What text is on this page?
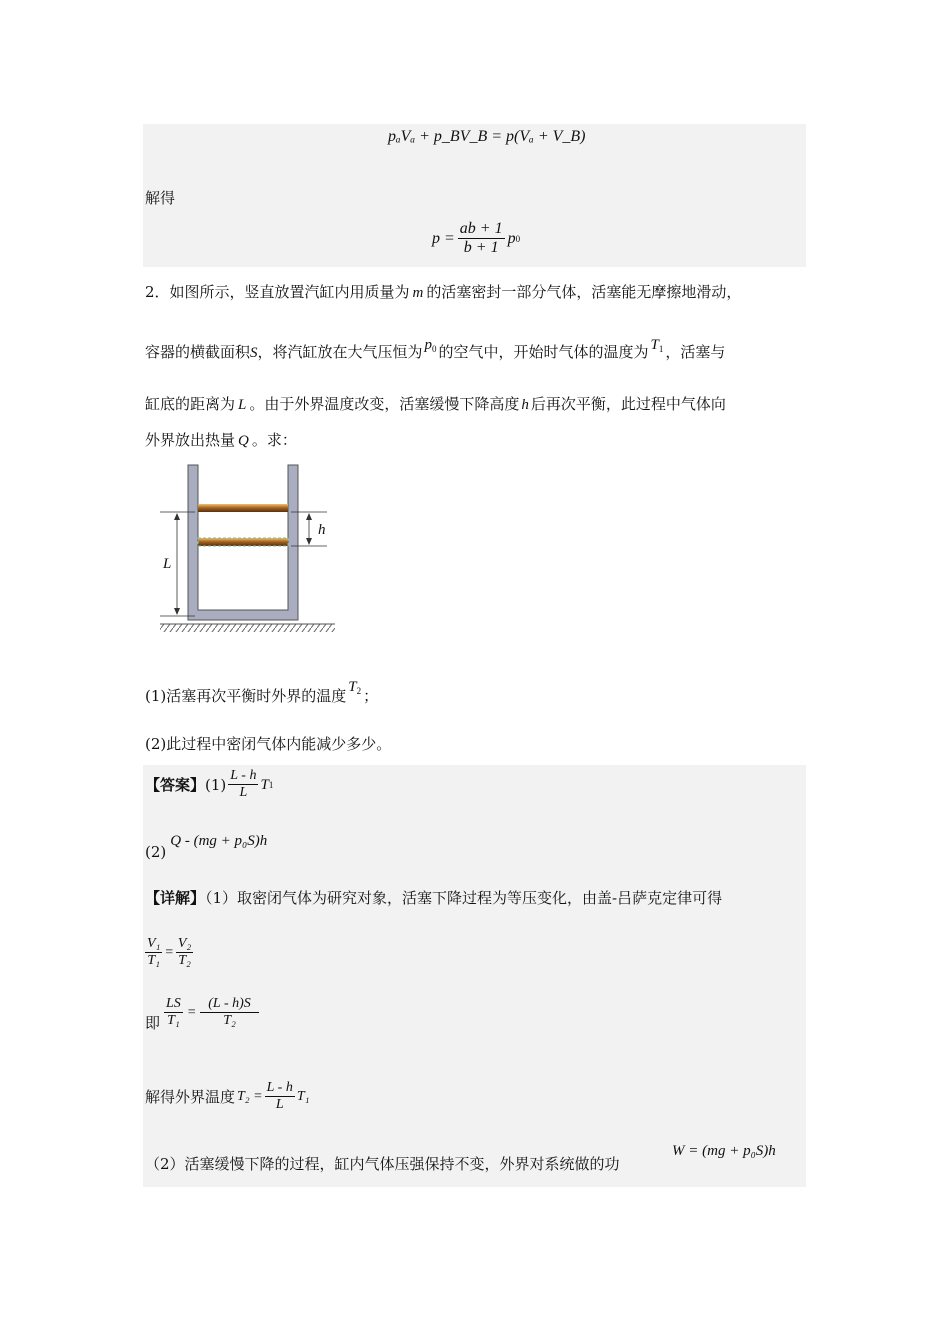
pₐVₐ + p_BV_B = p(Vₐ + V_B)
解得
$p = \frac{ab + 1}{b + 1}$ p 0
2．如图所示，竖直放置汽缸内用质量为 m 的活塞密封一部分气体，活塞能无摩擦地滑动，
容器的横截面积S，将汽缸放在大气压恒为 $p_0$ 的空气中，开始时气体的温度为 $T_1$ ，活塞与
缸底的距离为 L 。由于外界温度改变，活塞缓慢下降高度 h 后再次平衡，此过程中气体向
外界放出热量 Q 。求：
L
h
(1)活塞再次平衡时外界的温度 $T_2$ ；
(2)此过程中密闭气体内能减少多少。
【答案】 $(1) \frac{L - h}{L}$ T 1
(2)Q - (mg + p₀S)h
【详解】（1）取密闭气体为研究对象，活塞下降过程为等压变化，由盖-吕萨克定律可得
$\frac{\text{V₁}}{\text{T₁}} = \frac{\text{V₂}}{\text{T₂}}$
即 $\frac{LS}{\text{T₁}} = \frac{(L - h)S}{\text{T₂}}$
解得外界温度 $T_2 = \frac{L - h}{L} T_1$
（2）活塞缓慢下降的过程，缸内气体压强保持不变，外界对系统做的功
W = (mg + p₀S)h
